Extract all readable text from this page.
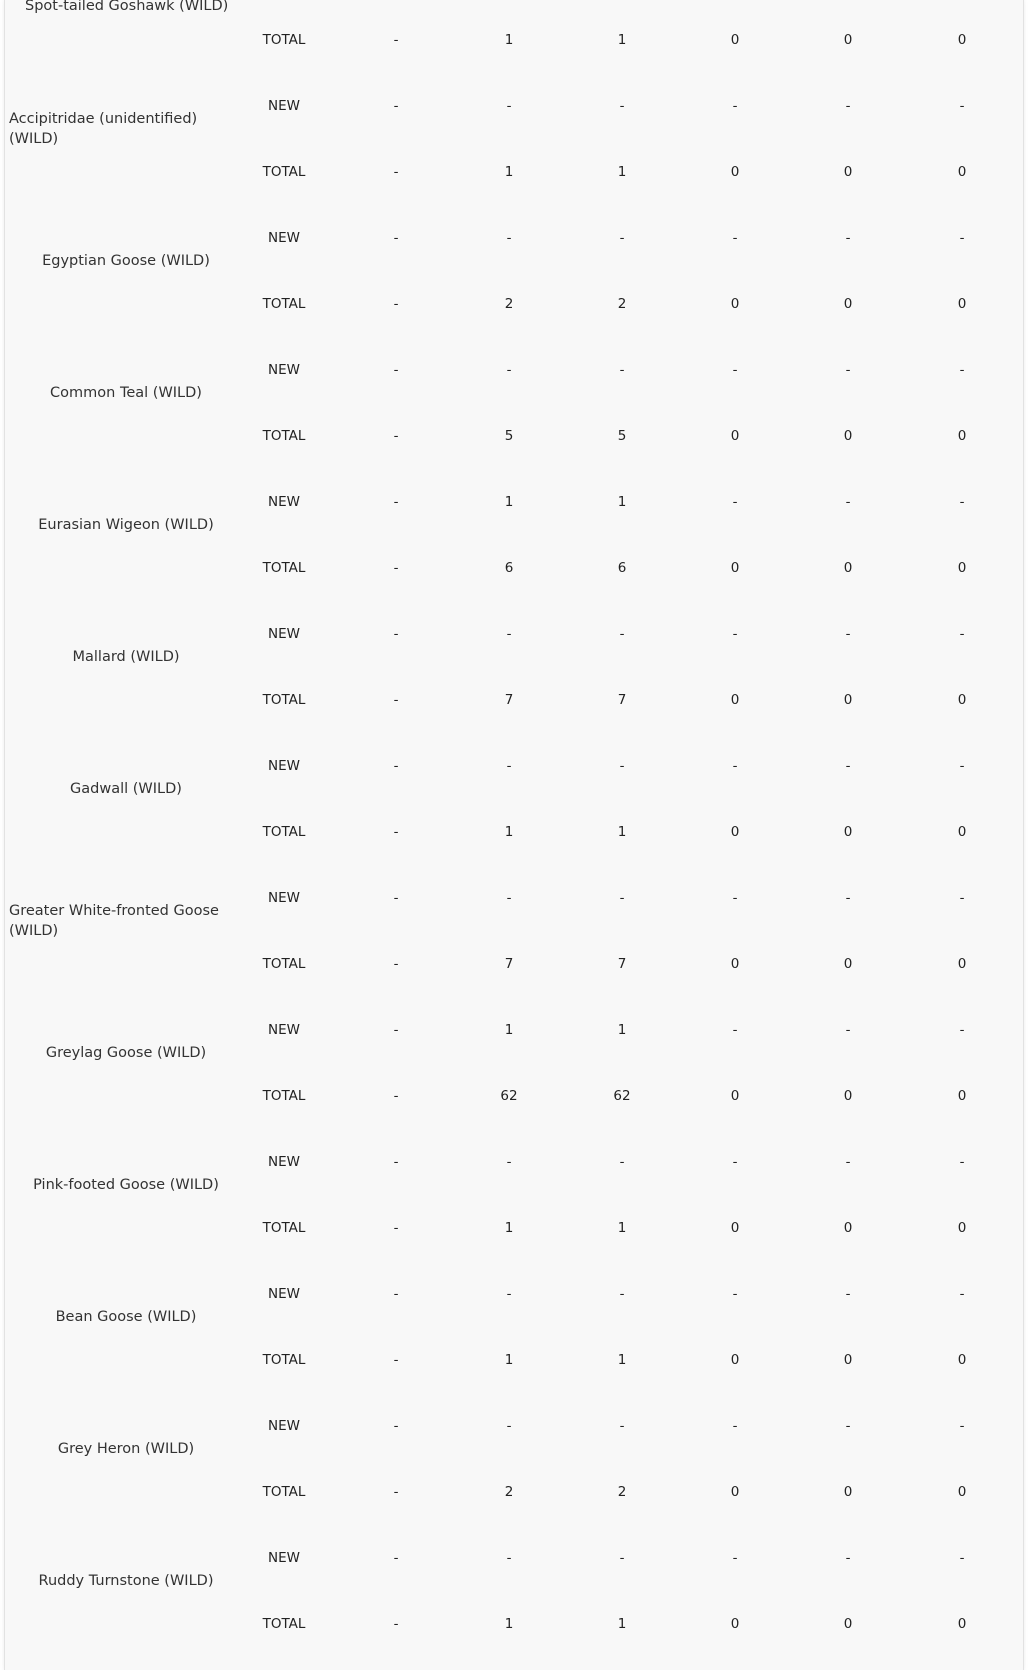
Spot-tailed Goshawk (WILD)
TOTAL	-	1	1	0	0	0
Accipitridae (unidentified) (WILD)
NEW	-	-	-	-	-	-
TOTAL	-	1	1	0	0	0
Egyptian Goose (WILD)
NEW	-	-	-	-	-	-
TOTAL	-	2	2	0	0	0
Common Teal (WILD)
NEW	-	-	-	-	-	-
TOTAL	-	5	5	0	0	0
Eurasian Wigeon (WILD)
NEW	-	1	1	-	-	-
TOTAL	-	6	6	0	0	0
Mallard (WILD)
NEW	-	-	-	-	-	-
TOTAL	-	7	7	0	0	0
Gadwall (WILD)
NEW	-	-	-	-	-	-
TOTAL	-	1	1	0	0	0
Greater White-fronted Goose (WILD)
NEW	-	-	-	-	-	-
TOTAL	-	7	7	0	0	0
Greylag Goose (WILD)
NEW	-	1	1	-	-	-
TOTAL	-	62	62	0	0	0
Pink-footed Goose (WILD)
NEW	-	-	-	-	-	-
TOTAL	-	1	1	0	0	0
Bean Goose (WILD)
NEW	-	-	-	-	-	-
TOTAL	-	1	1	0	0	0
Grey Heron (WILD)
NEW	-	-	-	-	-	-
TOTAL	-	2	2	0	0	0
Ruddy Turnstone (WILD)
NEW	-	-	-	-	-	-
TOTAL	-	1	1	0	0	0
